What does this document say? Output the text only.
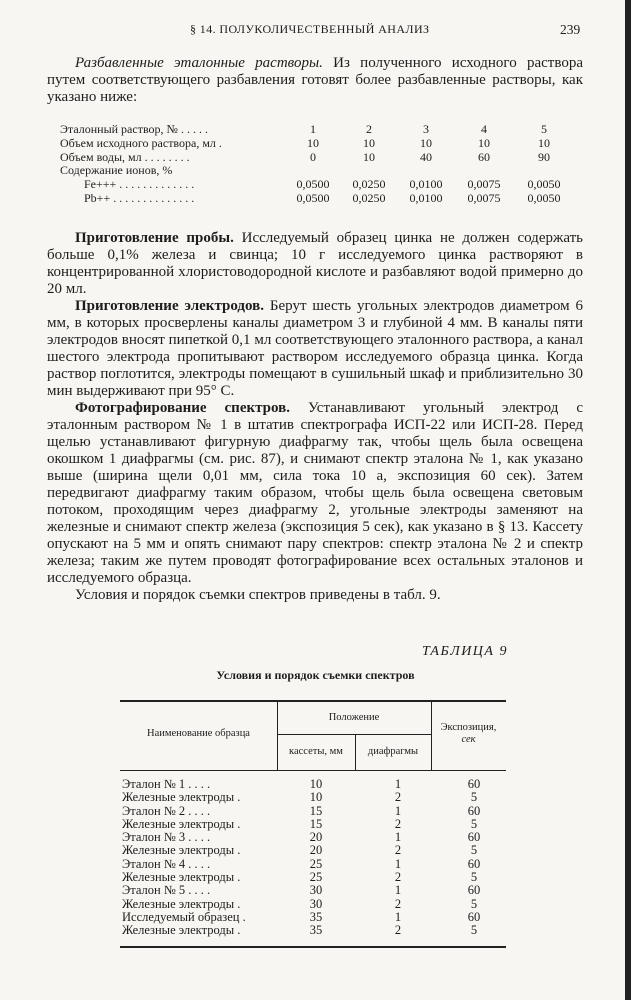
§ 14. ПОЛУКОЛИЧЕСТВЕННЫЙ АНАЛИЗ	239

Разбавленные эталонные растворы. Из полученного исходного раствора путем соответствующего разбавления готовят более разбавленные растворы, как указано ниже:

Эталонный раствор, № . . . . .	1	2	3	4	5
Объем исходного раствора, мл .	10	10	10	10	10
Объем воды, мл . . . . . . . .	0	10	40	60	90
Содержание ионов, %
Fe+++ . . . . . . . . . . . . .	0,0500	0,0250	0,0100	0,0075	0,0050
Pb++ . . . . . . . . . . . . . .	0,0500	0,0250	0,0100	0,0075	0,0050

Приготовление пробы. Исследуемый образец цинка не должен содержать больше 0,1% железа и свинца; 10 г исследуемого цинка растворяют в концентрированной хлористоводородной кислоте и разбавляют водой примерно до 20 мл.

Приготовление электродов. Берут шесть угольных электродов диаметром 6 мм, в которых просверлены каналы диаметром 3 и глубиной 4 мм. В каналы пяти электродов вносят пипеткой 0,1 мл соответствующего эталонного раствора, а канал шестого электрода пропитывают раствором исследуемого образца цинка. Когда раствор поглотится, электроды помещают в сушильный шкаф и приблизительно 30 мин выдерживают при 95° С.

Фотографирование спектров. Устанавливают угольный электрод с эталонным раствором № 1 в штатив спектрографа ИСП-22 или ИСП-28. Перед щелью устанавливают фигурную диафрагму так, чтобы щель была освещена окошком 1 диафрагмы (см. рис. 87), и снимают спектр эталона № 1, как указано выше (ширина щели 0,01 мм, сила тока 10 а, экспозиция 60 сек). Затем передвигают диафрагму таким образом, чтобы щель была освещена световым потоком, проходящим через диафрагму 2, угольные электроды заменяют на железные и снимают спектр железа (экспозиция 5 сек), как указано в § 13. Кассету опускают на 5 мм и опять снимают пару спектров: спектр эталона № 2 и спектр железа; таким же путем проводят фотографирование всех остальных эталонов и исследуемого образца.

Условия и порядок съемки спектров приведены в табл. 9.

ТАБЛИЦА 9
Условия и порядок съемки спектров
Наименование образца
Положение
кассеты, мм	диафрагмы
Экспозиция,
сек
Эталон № 1 . . . .	10	1	60
Железные электроды .	10	2	5
Эталон № 2 . . . .	15	1	60
Железные электроды .	15	2	5
Эталон № 3 . . . .	20	1	60
Железные электроды .	20	2	5
Эталон № 4 . . . .	25	1	60
Железные электроды .	25	2	5
Эталон № 5 . . . .	30	1	60
Железные электроды .	30	2	5
Исследуемый образец .	35	1	60
Железные электроды .	35	2	5
